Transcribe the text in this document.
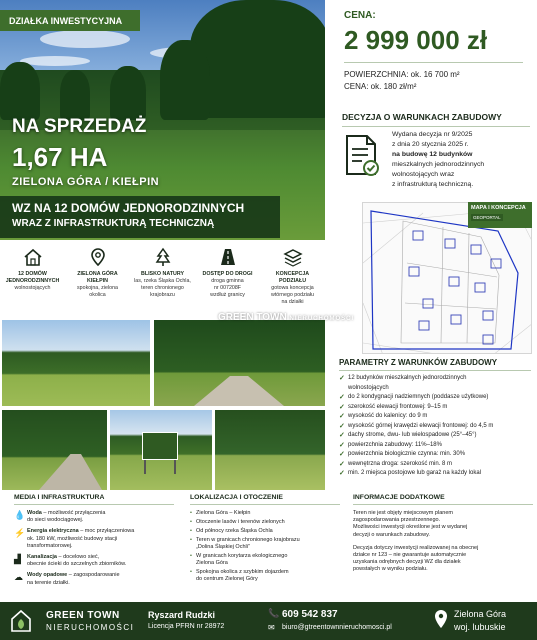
DZIAŁKA INWESTYCYJNA
NA SPRZEDAŻ
1,67 HA
ZIELONA GÓRA / KIEŁPIN
WZ NA 12 DOMÓW JEDNORODZINNYCH
WRAZ Z INFRASTRUKTURĄ TECHNICZNĄ
CENA:
2 999 000 zł
POWIERZCHNIA: ok. 16 700 m²
CENA: ok. 180 zł/m²
DECYZJA O WARUNKACH ZABUDOWY
Wydana decyzja nr 9/2025
z dnia 20 stycznia 2025 r.
na budowę 12 budynków
mieszkalnych jednorodzinnych
wolnostojących wraz
z infrastrukturą techniczną.
MAPA I KONCEPCJA
GEOPORTAL
12 DOMÓW
JEDNORODZINNYCH
wolnostojących
ZIELONA GÓRA
KIEŁPIN
spokojna, zielona
okolica
BLISKO NATURY
las, rzeka Śląska Ochla,
teren chronionego
krajobrazu
DOSTĘP DO DROGI
droga gminna
nr 007208F
wzdłuż granicy
KONCEPCJA PODZIAŁU
gotowa koncepcja
wtórnego podziału
na działki
GREEN TOWN NIERUCHOMOŚCI
PARAMETRY Z WARUNKÓW ZABUDOWY
✓ 12 budynków mieszkalnych jednorodzinnych
wolnostojących
✓ do 2 kondygnacji nadziemnych (poddasze użytkowe)
✓ szerokość elewacji frontowej: 9–15 m
✓ wysokość do kalenicy: do 9 m
✓ wysokość górnej krawędzi elewacji frontowej: do 4,5 m
✓ dachy strome, dwu- lub wielospadowe (25°–45°)
✓ powierzchnia zabudowy: 11%–18%
✓ powierzchnia biologicznie czynna: min. 30%
✓ wewnętrzna droga: szerokość min. 8 m
✓ min. 2 miejsca postojowe lub garaż na każdy lokal
MEDIA I INFRASTRUKTURA
💧 Woda – możliwość przyłączenia
do sieci wodociągowej.
⚡ Energia elektryczna – moc przyłączeniowa
ok. 180 kW, możliwość budowy stacji
transformatorowej.
▟	Kanalizacja – docelowo sieć,
obecnie ścieki do szczelnych zbiorników.
☁ Wody opadowe – zagospodarowanie
na terenie działki.
LOKALIZACJA I OTOCZENIE
• Zielona Góra – Kiełpin
• Otoczenie lasów i terenów zielonych
• Od północy rzeka Śląska Ochla
• Teren w granicach chronionego krajobrazu
„Dolina Śląskiej Ochli”
• W granicach korytarza ekologicznego
Zielona Góra
• Spokojna okolica z szybkim dojazdem
do centrum Zielonej Góry
INFORMACJE DODATKOWE
Teren nie jest objęty miejscowym planem
zagospodarowania przestrzennego.
Możliwości inwestycji określone jest w wydanej
decyzji o warunkach zabudowy.
Decyzja dotyczy inwestycji realizowanej na obecnej
działce nr 123 – nie gwarantuje automatycznie
uzyskania odrębnych decyzji WZ dla działek
powstałych w wyniku podziału.
GREEN TOWN
NIERUCHOMOŚCI
Ryszard Rudzki
Licencja PFRN nr 28972
📞 609 542 837
✉ biuro@gtreentownnieruchomosci.pl
Zielona Góra
woj. lubuskie
